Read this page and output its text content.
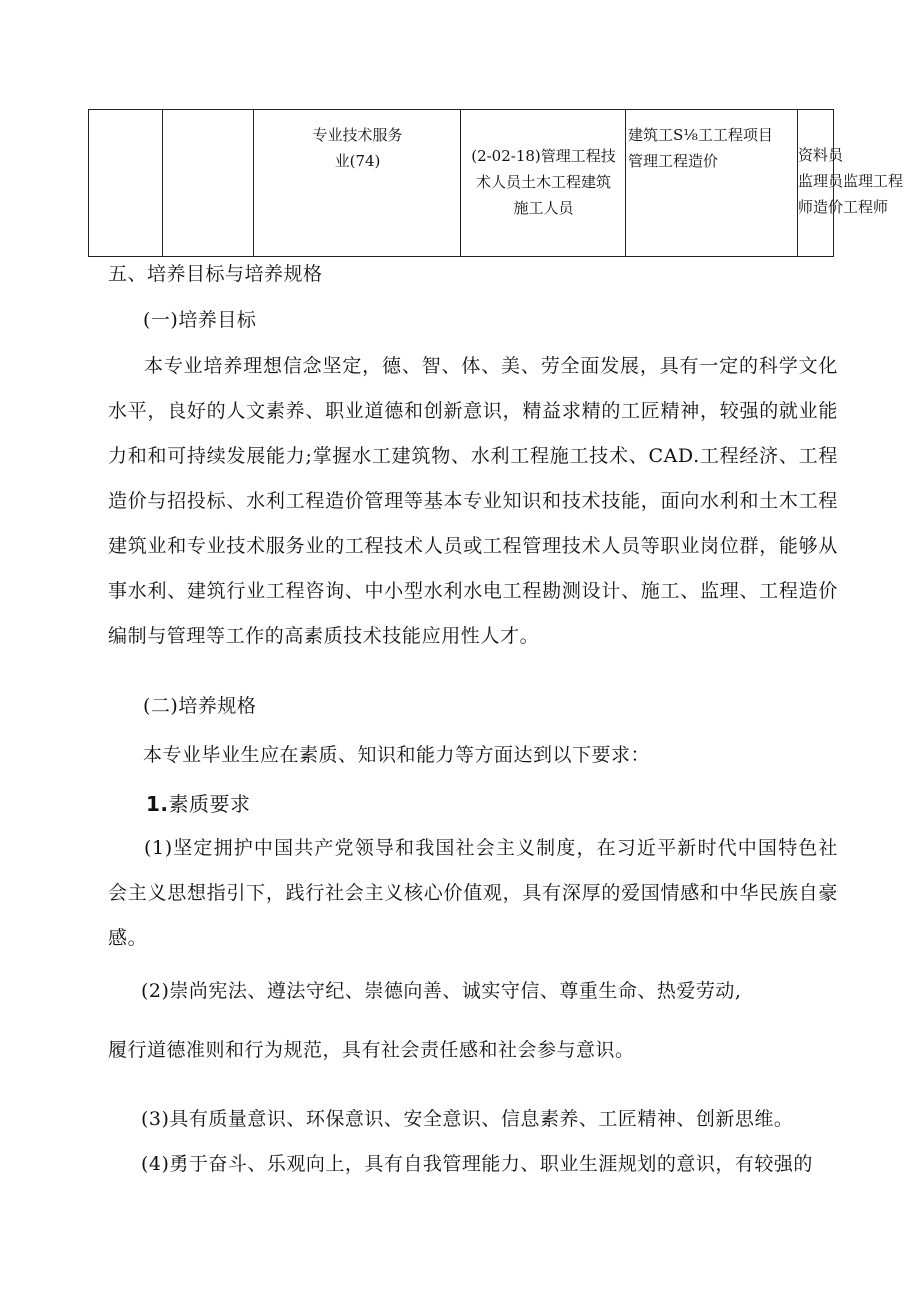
专业技术服务
业(74)	(2-02-18)管理工程技
术人员土木工程建筑
施工人员
建筑工S⅛工工程项目
管理工程造价	资料员
监理员监理工程
师造价工程师
五、培养目标与培养规格
(一)培养目标
本专业培养理想信念坚定，德、智、体、美、劳全面发展，具有一定的科学文化水平，良好的人文素养、职业道德和创新意识，精益求精的工匠精神，较强的就业能力和和可持续发展能力;掌握水工建筑物、水利工程施工技术、CAD.工程经济、工程造价与招投标、水利工程造价管理等基本专业知识和技术技能，面向水利和土木工程建筑业和专业技术服务业的工程技术人员或工程管理技术人员等职业岗位群，能够从事水利、建筑行业工程咨询、中小型水利水电工程勘测设计、施工、监理、工程造价编制与管理等工作的高素质技术技能应用性人才。
(二)培养规格
本专业毕业生应在素质、知识和能力等方面达到以下要求：
1.素质要求
(1)坚定拥护中国共产党领导和我国社会主义制度，在习近平新时代中国特色社会主义思想指引下，践行社会主义核心价值观，具有深厚的爱国情感和中华民族自豪感。
(2)崇尚宪法、遵法守纪、崇德向善、诚实守信、尊重生命、热爱劳动,
履行道德准则和行为规范，具有社会责任感和社会参与意识。
(3)具有质量意识、环保意识、安全意识、信息素养、工匠精神、创新思维。
(4)勇于奋斗、乐观向上，具有自我管理能力、职业生涯规划的意识，有较强的
